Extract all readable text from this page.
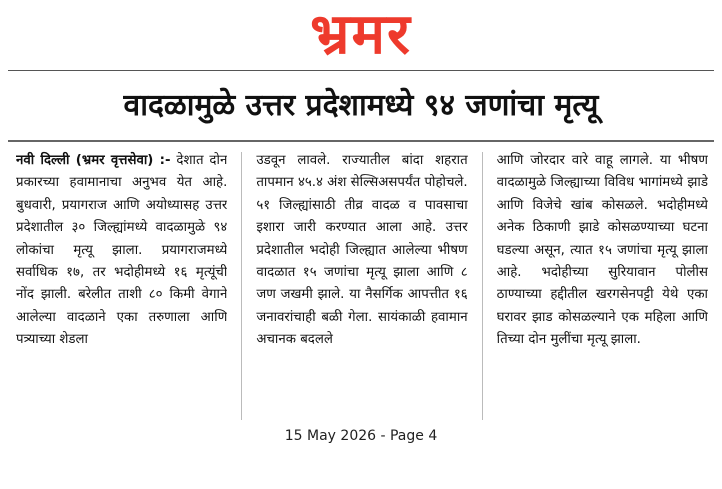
भ्रमर
वादळामुळे उत्तर प्रदेशामध्ये ९४ जणांचा मृत्यू
नवी दिल्ली (भ्रमर वृत्तसेवा) :- देशात दोन प्रकारच्या हवामानाचा अनुभव येत आहे. बुधवारी, प्रयागराज आणि अयोध्यासह उत्तर प्रदेशातील ३० जिल्ह्यांमध्ये वादळामुळे ९४ लोकांचा मृत्यू झाला. प्रयागराजमध्ये सर्वाधिक १७, तर भदोहीमध्ये १६ मृत्यूंची नोंद झाली. बरेलीत ताशी ८० किमी वेगाने आलेल्या वादळाने एका तरुणाला आणि पत्र्याच्या शेडला
उडवून लावले. राज्यातील बांदा शहरात तापमान ४५.४ अंश सेल्सिअसपर्यंत पोहोचले. ५१ जिल्ह्यांसाठी तीव्र वादळ व पावसाचा इशारा जारी करण्यात आला आहे. उत्तर प्रदेशातील भदोही जिल्ह्यात आलेल्या भीषण वादळात १५ जणांचा मृत्यू झाला आणि ८ जण जखमी झाले. या नैसर्गिक आपत्तीत १६ जनावरांचाही बळी गेला. सायंकाळी हवामान अचानक बदलले
आणि जोरदार वारे वाहू लागले. या भीषण वादळामुळे जिल्ह्याच्या विविध भागांमध्ये झाडे आणि विजेचे खांब कोसळले. भदोहीमध्ये अनेक ठिकाणी झाडे कोसळण्याच्या घटना घडल्या असून, त्यात १५ जणांचा मृत्यू झाला आहे. भदोहीच्या सुरियावान पोलीस ठाण्याच्या हद्दीतील खरगसेनपट्टी येथे एका घरावर झाड कोसळल्याने एक महिला आणि तिच्या दोन मुलींचा मृत्यू झाला.
15 May 2026 - Page 4
